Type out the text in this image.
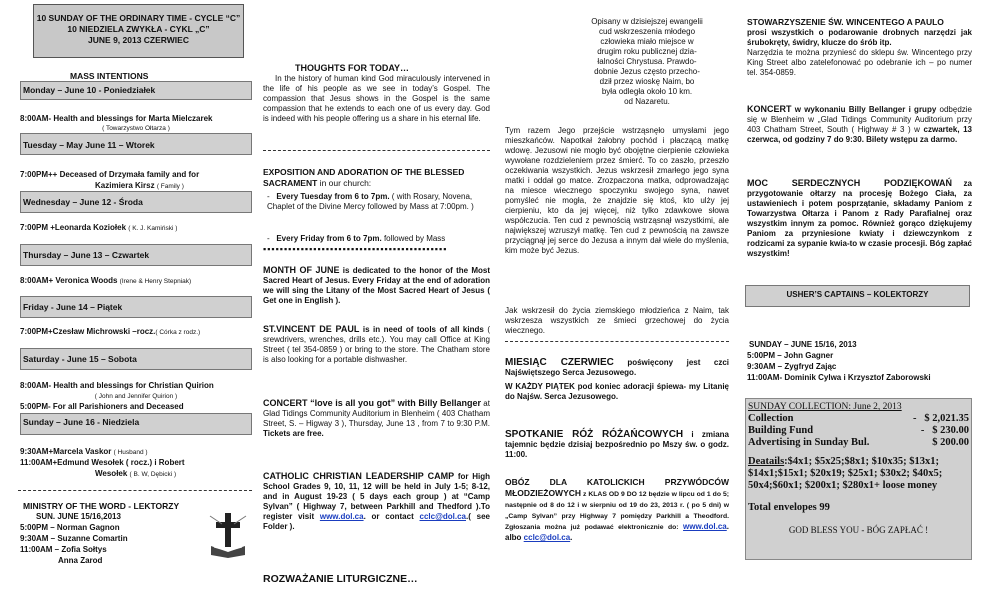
10 SUNDAY OF THE ORDINARY TIME - CYCLE “C”
10 NIEDZIELA ZWYKŁA - CYKL „C”
JUNE 9, 2013 CZERWIEC
MASS INTENTIONS
Monday – June 10 - Poniedziałek
8:00AM- Health and blessings for Marta Mielczarek
( Towarzystwo Ołtarza )
Tuesday – May June 11 – Wtorek
7:00PM++ Deceased of Drzymała family and for
Kazimiera Kirsz ( Family )
Wednesday – June 12 - Środa
7:00PM +Leonarda Koziołek ( K. J. Kamiński )
Thursday – June 13 – Czwartek
8:00AM+ Veronica Woods (Irene & Henry Stepniak)
Friday - June 14 – Piątek
7:00PM+Czesław Michrowski –rocz.( Córka z rodz.)
Saturday - June 15 – Sobota
8:00AM- Health and blessings for Christian Quirion
( John and Jennifer Quirion )
5:00PM- For all Parishioners and Deceased
Sunday – June 16 - Niedziela
9:30AM+Marcela Vaskor ( Husband )
11:00AM+Edmund Wesołek ( rocz.) i Robert
Wesołek ( B. W, Dębicki )
MINISTRY OF THE WORD - LEKTORZY
SUN. JUNE 15/16,2013
5:00PM – Norman Gagnon
9:30AM – Suzanne Comartin
11:00AM – Zofia Sołtys
Anna Zarod
THOUGHTS FOR TODAY…
In the history of human kind God miraculously intervened in the life of his people as we see in today’s Gospel. The compassion that Jesus shows in the Gospel is the same compassion that he extends to each one of us every day. God is indeed with his people offering us a share in his eternal life.
EXPOSITION AND ADORATION OF THE BLESSED SACRAMENT in our church:
-   Every Tuesday from 6 to 7pm. ( with Rosary, Novena, Chaplet of the Divine Mercy followed by Mass at 7:00pm. )
-   Every Friday from 6 to 7pm. followed by Mass
▪▪▪▪▪▪▪▪▪▪▪▪▪▪▪▪▪▪▪▪▪▪▪▪▪▪▪▪▪▪▪▪▪▪▪▪▪▪▪▪▪▪▪▪
MONTH OF JUNE is dedicated to the honor of the Most Sacred Heart of Jesus. Every Friday at the end of adoration we will sing the Litany of the Most Sacred Heart of Jesus ( Get one in English ).
ST.VINCENT DE PAUL is in need of tools of all kinds ( srewdrivers, wrenches, drills etc.). You may call Office at King Street ( tel 354-0859 ) or bring to the store. The Chatham store is also looking for a portable dishwasher.
CONCERT “love is all you got” with Billy Bellanger at Glad Tidings Community Auditorium in Blenheim ( 403 Chatham Street, S. – Higway 3 ), Thursday, June 13 , from 7 to 9:30 P.M. Tickets are free.
CATHOLIC CHRISTIAN LEADERSHIP CAMP for High School Grades 9, 10, 11, 12 will be held in July 1-5; 8-12, and in August 19-23 ( 5 days each group ) at “Camp Sylvan” ( Highway 7, between Parkhill and Thedford ).To register visit www.dol.ca. or contact cclc@dol.ca.( see Folder ).
ROZWAŻANIE LITURGICZNE…
Opisany w dzisiejszej ewangelii
cud wskrzeszenia młodego
człowieka miało miejsce w
drugim roku publicznej dzia-
łalności Chrystusa. Prawdo-
dobnie Jezus często przecho-
dził przez wioskę Naim, bo
była odległa około 10 km.
od Nazaretu.
Tym razem Jego przejście wstrząsnęło umysłami jego mieszkańców. Napotkał żałobny pochód i płaczącą matkę wdowę. Jezusowi nie mogło być obojętne cierpienie człowieka wywołane rozdzieleniem przez śmierć. To co zaszło, przeszło oczekiwania wszystkich. Jezus wskrzesił zmarłego jego syna matki i oddał go matce. Zrozpaczona matka, odprowadzając na miesce wiecznego spoczynku swojego syna, nawet pomyśleć nie mogła, że znajdzie się ktoś, kto ulży jej cierpieniu, kto da jej więcej, niż tylko zdawkowe słowa współczucia. Ten cud z pewnością wstrząsnął wszystkimi, ale największej wzruszył matkę. Ten cud z pewnością na zawsze przyciągnął jej serce do Jezusa a innym dał wiele do myślenia, kim może być Jezus.
Jak wskrzesił do życia ziemskiego młodzieńca z Naim, tak wskrzesza wszystkich ze śmieci grzechowej do życia wiecznego.
MIESIĄC CZERWIEC poświęcony jest czci Najświętszego Serca Jezusowego.
W KAŻDY PIĄTEK pod koniec adoracji śpiewa- my Litanię do Najśw. Serca Jezusowego.
SPOTKANIE RÓŻ RÓŻAŃCOWYCH i zmiana tajemnic będzie dzisiaj bezpośrednio po Mszy św. o godz. 11:00.
OBÓZ DLA KATOLICKICH PRZYWÓDCÓW MŁODZIEŻOWYCH z KLAS OD 9 DO 12 będzie w lipcu od 1 do 5; następnie od 8 do 12 i w sierpniu od 19 do 23, 2013 r. ( po 5 dni) w „Camp Sylvan” przy Highway 7 pomiędzy Parkhill a Theodford. Zgłoszania można już podawać elektronicznie do: www.dol.ca. albo cclc@dol.ca.
STOWARZYSZENIE ŚW. WINCENTEGO A PAULO
prosi wszystkich o podarowanie drobnych narzędzi jak śrubokręty, świdry, klucze do śrób itp.
Narzędzia te można przyniesć do sklepu św. Wincentego przy King Street albo zatelefonować po odebranie ich – po numer tel. 354-0859.
KONCERT w wykonaniu Billy Bellanger i grupy odbędzie się w Blenheim w „Glad Tidings Community Auditorium przy 403 Chatham Street, South ( Highway # 3 ) w czwartek, 13 czerwca, od godziny 7 do 9:30. Bilety wstępu za darmo.
MOC SERDECZNYCH PODZIĘKOWAŃ za przygotowanie ołtarzy na procesję Bożego Ciała, za ustawieniech i potem posprzątanie, składamy Paniom z Towarzystwa Ołtarza i Panom z Rady Parafialnej oraz wszystkim innym za pomoc. Również gorąco dziękujemy Paniom za przyniesione kwiaty i dziewczynkom z rodzicami za sypanie kwia-to w czasie procesji. Bóg zapłać wszystkim!
USHER’S CAPTAINS – KOLEKTORZY
SUNDAY – JUNE 15/16, 2013
5:00PM – John Gagner
9:30AM – Zygfryd Zając
11:00AM- Dominik Cylwa i Krzysztof Zaborowski
SUNDAY COLLECTION: June 2, 2013
Collection	-   $ 2,021.35
Building Fund	-   $ 230.00
Advertising in Sunday Bul.	$ 200.00
Deatails:$4x1; $5x25;$8x1; $10x35; $13x1; $14x1;$15x1; $20x19; $25x1; $30x2; $40x5; 50x4;$60x1; $200x1; $280x1+ loose money
Total envelopes 99
GOD BLESS YOU - BÓG ZAPŁAĆ !
